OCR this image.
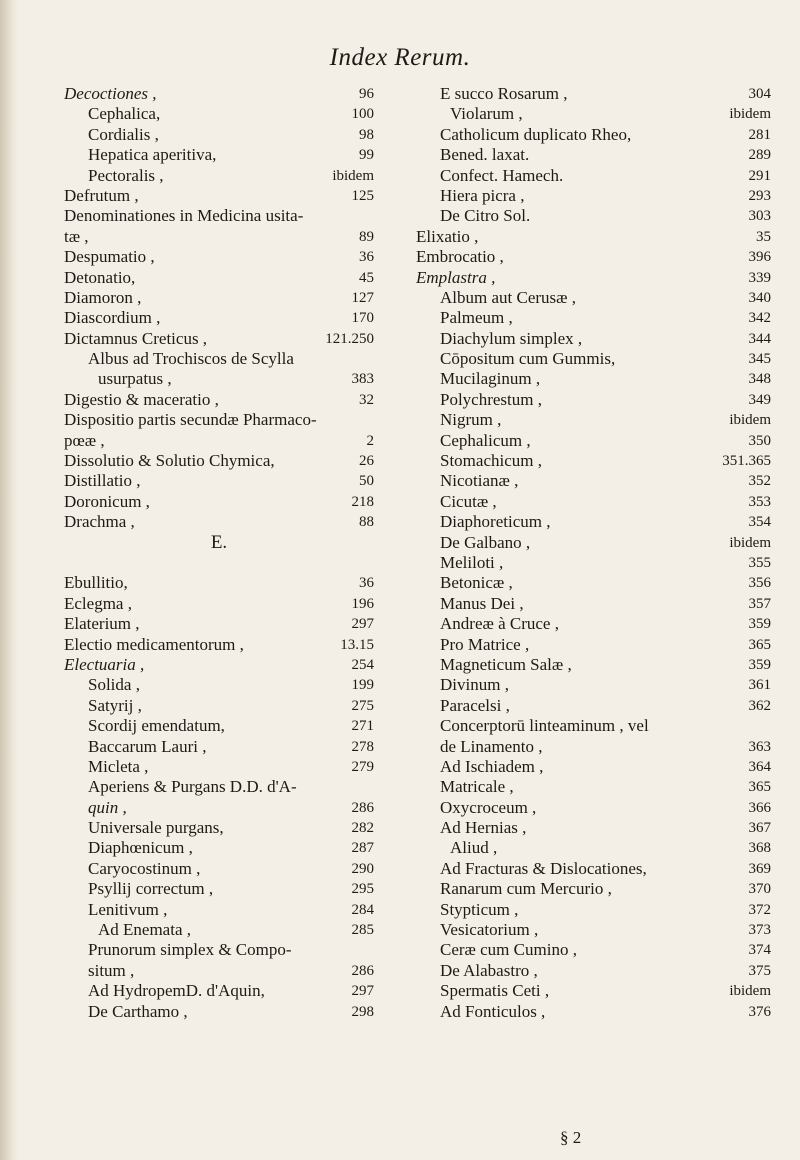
Index Rerum.
Decoctiones ,	96
Cephalica,	100
Cordialis ,	98
Hepatica aperitiva,	99
Pectoralis ,	ibidem
Defrutum ,	125
Denominationes in Medicina usita-
tæ ,	89
Despumatio ,	36
Detonatio,	45
Diamoron ,	127
Diascordium ,	170
Dictamnus Creticus ,	121.250
Albus ad Trochiscos de Scylla
usurpatus ,	383
Digestio & maceratio ,	32
Dispositio partis secundæ Pharmaco-
pœæ ,	2
Dissolutio & Solutio Chymica,	26
Distillatio ,	50
Doronicum ,	218
Drachma ,	88
E.
Ebullitio,	36
Eclegma ,	196
Elaterium ,	297
Electio medicamentorum ,	13.15
Electuaria ,	254
Solida ,	199
Satyrij ,	275
Scordij emendatum,	271
Baccarum Lauri ,	278
Micleta ,	279
Aperiens & Purgans D.D. d'A-
quin ,	286
Universale purgans,	282
Diaphœnicum ,	287
Caryocostinum ,	290
Psyllij correctum ,	295
Lenitivum ,	284
Ad Enemata ,	285
Prunorum simplex & Compo-
situm ,	286
Ad HydropemD. d'Aquin,	297
De Carthamo ,	298
E succo Rosarum ,	304
Violarum ,	ibidem
Catholicum duplicato Rheo,	281
Bened. laxat.	289
Confect. Hamech.	291
Hiera picra ,	293
De Citro Sol.	303
Elixatio ,	35
Embrocatio ,	396
Emplastra ,	339
Album aut Cerusæ ,	340
Palmeum ,	342
Diachylum simplex ,	344
Cōpositum cum Gummis,	345
Mucilaginum ,	348
Polychrestum ,	349
Nigrum ,	ibidem
Cephalicum ,	350
Stomachicum ,	351.365
Nicotianæ ,	352
Cicutæ ,	353
Diaphoreticum ,	354
De Galbano ,	ibidem
Meliloti ,	355
Betonicæ ,	356
Manus Dei ,	357
Andreæ à Cruce ,	359
Pro Matrice ,	365
Magneticum Salæ ,	359
Divinum ,	361
Paracelsi ,	362
Concerptorū linteaminum , vel
de Linamento ,	363
Ad Ischiadem ,	364
Matricale ,	365
Oxycroceum ,	366
Ad Hernias ,	367
Aliud ,	368
Ad Fracturas & Dislocationes,	369
Ranarum cum Mercurio ,	370
Stypticum ,	372
Vesicatorium ,	373
Ceræ cum Cumino ,	374
De Alabastro ,	375
Spermatis Ceti ,	ibidem
Ad Fonticulos ,	376
§ 2
